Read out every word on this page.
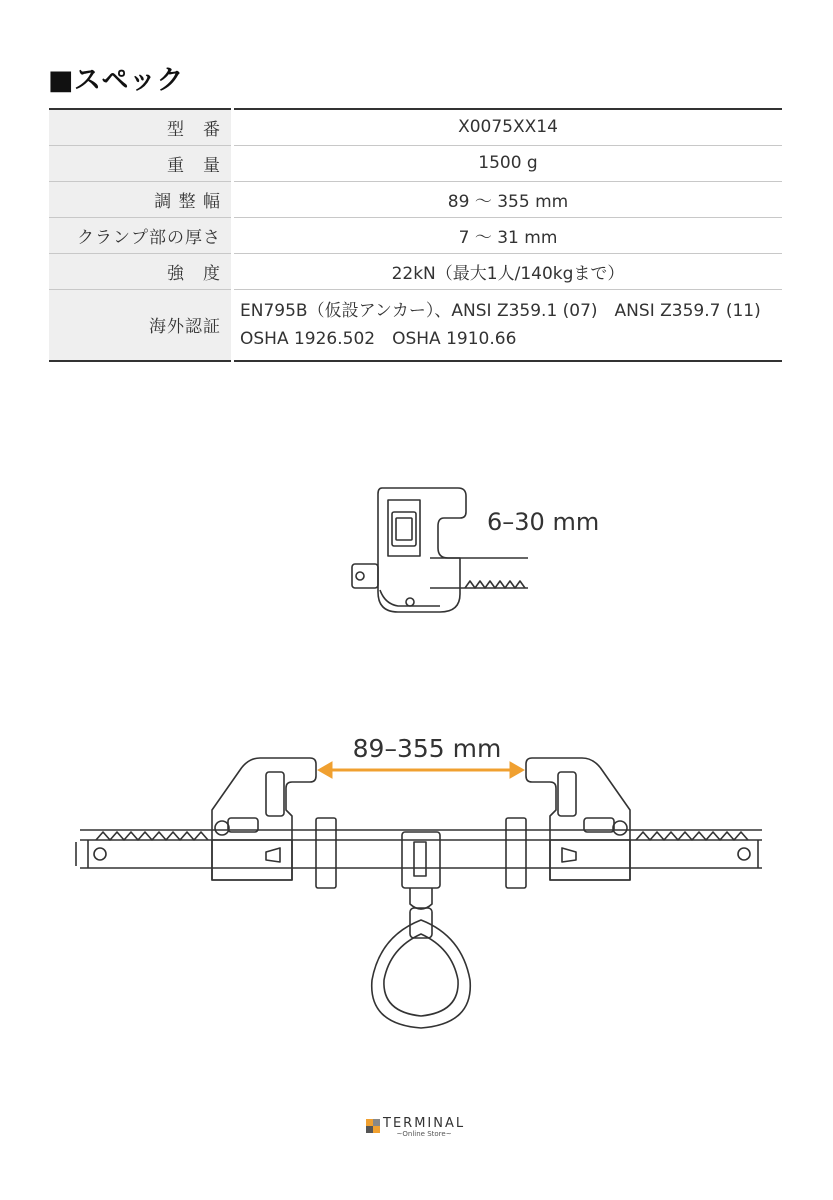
■スペック
型　番	X0075XX14
重　量	1500 g
調 整 幅	89 〜 355 mm
クランプ部の厚さ	7 〜 31 mm
強　度	22kN（最大1人/140kgまで）
海外認証	EN795B（仮設アンカー）、ANSI Z359.1 (07)　ANSI Z359.7 (11)
OSHA 1926.502　OSHA 1910.66
6–30 mm
89–355 mm
TERMINAL
~Online Store~
